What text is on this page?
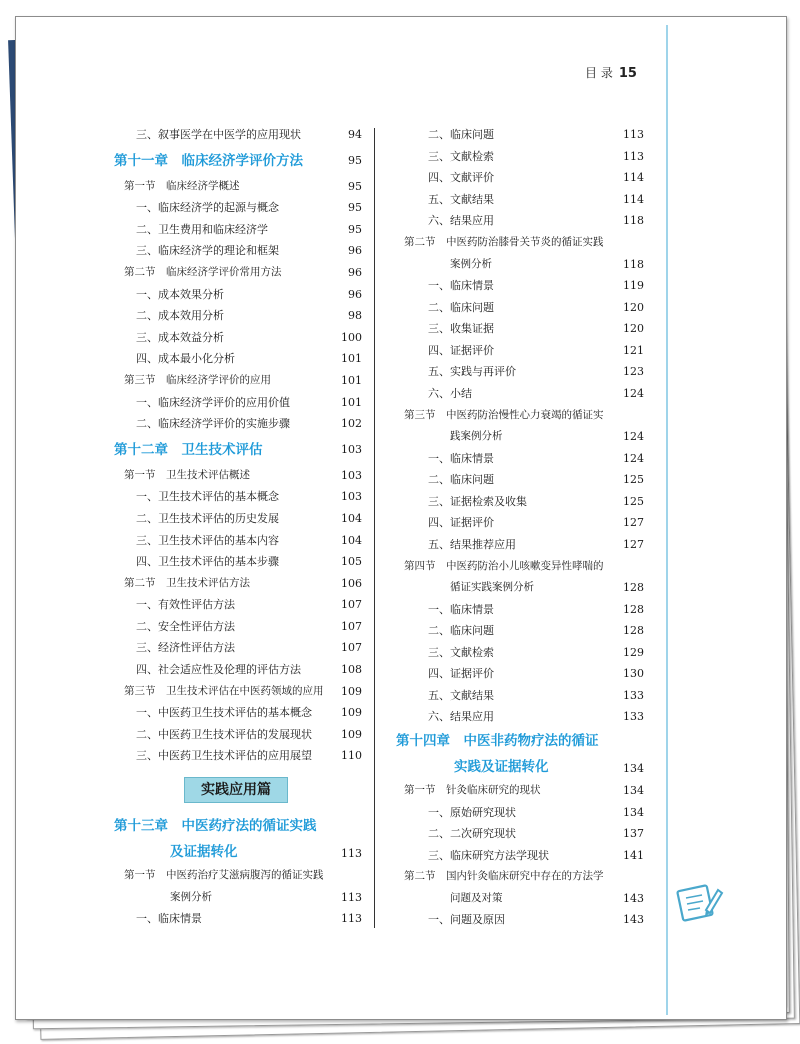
目 录 15
三、叙事医学在中医学的应用现状	94
第十一章　临床经济学评价方法	95
第一节　临床经济学概述	95
一、临床经济学的起源与概念	95
二、卫生费用和临床经济学	95
三、临床经济学的理论和框架	96
第二节　临床经济学评价常用方法	96
一、成本效果分析	96
二、成本效用分析	98
三、成本效益分析	100
四、成本最小化分析	101
第三节　临床经济学评价的应用	101
一、临床经济学评价的应用价值	101
二、临床经济学评价的实施步骤	102
第十二章　卫生技术评估	103
第一节　卫生技术评估概述	103
一、卫生技术评估的基本概念	103
二、卫生技术评估的历史发展	104
三、卫生技术评估的基本内容	104
四、卫生技术评估的基本步骤	105
第二节　卫生技术评估方法	106
一、有效性评估方法	107
二、安全性评估方法	107
三、经济性评估方法	107
四、社会适应性及伦理的评估方法	108
第三节　卫生技术评估在中医药领域的应用 109
一、中医药卫生技术评估的基本概念	109
二、中医药卫生技术评估的发展现状	109
三、中医药卫生技术评估的应用展望	110
实践应用篇
第十三章　中医药疗法的循证实践
及证据转化	113
第一节　中医药治疗艾滋病腹泻的循证实践
案例分析	113
一、临床情景	113
二、临床问题	113
三、文献检索	113
四、文献评价	114
五、文献结果	114
六、结果应用	118
第二节　中医药防治膝骨关节炎的循证实践
案例分析	118
一、临床情景	119
二、临床问题	120
三、收集证据	120
四、证据评价	121
五、实践与再评价	123
六、小结	124
第三节　中医药防治慢性心力衰竭的循证实
践案例分析	124
一、临床情景	124
二、临床问题	125
三、证据检索及收集	125
四、证据评价	127
五、结果推荐应用	127
第四节　中医药防治小儿咳嗽变异性哮喘的
循证实践案例分析	128
一、临床情景	128
二、临床问题	128
三、文献检索	129
四、证据评价	130
五、文献结果	133
六、结果应用	133
第十四章　中医非药物疗法的循证
实践及证据转化	134
第一节　针灸临床研究的现状	134
一、原始研究现状	134
二、二次研究现状	137
三、临床研究方法学现状	141
第二节　国内针灸临床研究中存在的方法学
问题及对策	143
一、问题及原因	143
